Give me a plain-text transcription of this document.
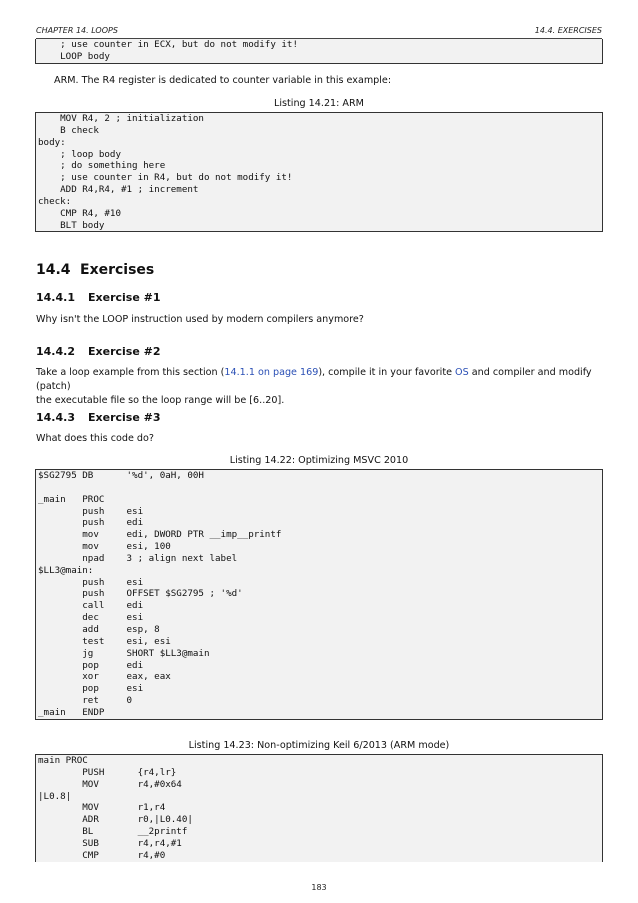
CHAPTER 14. LOOPS	14.4. EXERCISES
; use counter in ECX, but do not modify it!
LOOP body
ARM. The R4 register is dedicated to counter variable in this example:
Listing 14.21: ARM
MOV R4, 2 ; initialization
B check
body:
; loop body
; do something here
; use counter in R4, but do not modify it!
ADD R4,R4, #1 ; increment
check:
CMP R4, #10
BLT body
14.4 Exercises
14.4.1 Exercise #1
Why isn't the LOOP instruction used by modern compilers anymore?
14.4.2 Exercise #2
Take a loop example from this section (14.1.1 on page 169), compile it in your favorite OS and compiler and modify (patch)
the executable file so the loop range will be [6..20].
14.4.3 Exercise #3
What does this code do?
Listing 14.22: Optimizing MSVC 2010
$SG2795 DB      '%d', 0aH, 00H
_main   PROC
push    esi
push    edi
mov     edi, DWORD PTR __imp__printf
mov     esi, 100
npad    3 ; align next label
$LL3@main:
push    esi
push    OFFSET $SG2795 ; '%d'
call    edi
dec     esi
add     esp, 8
test    esi, esi
jg      SHORT $LL3@main
pop     edi
xor     eax, eax
pop     esi
ret     0
_main   ENDP
Listing 14.23: Non-optimizing Keil 6/2013 (ARM mode)
main PROC
PUSH      {r4,lr}
MOV       r4,#0x64
|L0.8|
MOV       r1,r4
ADR       r0,|L0.40|
BL        __2printf
SUB       r4,r4,#1
CMP       r4,#0
183
